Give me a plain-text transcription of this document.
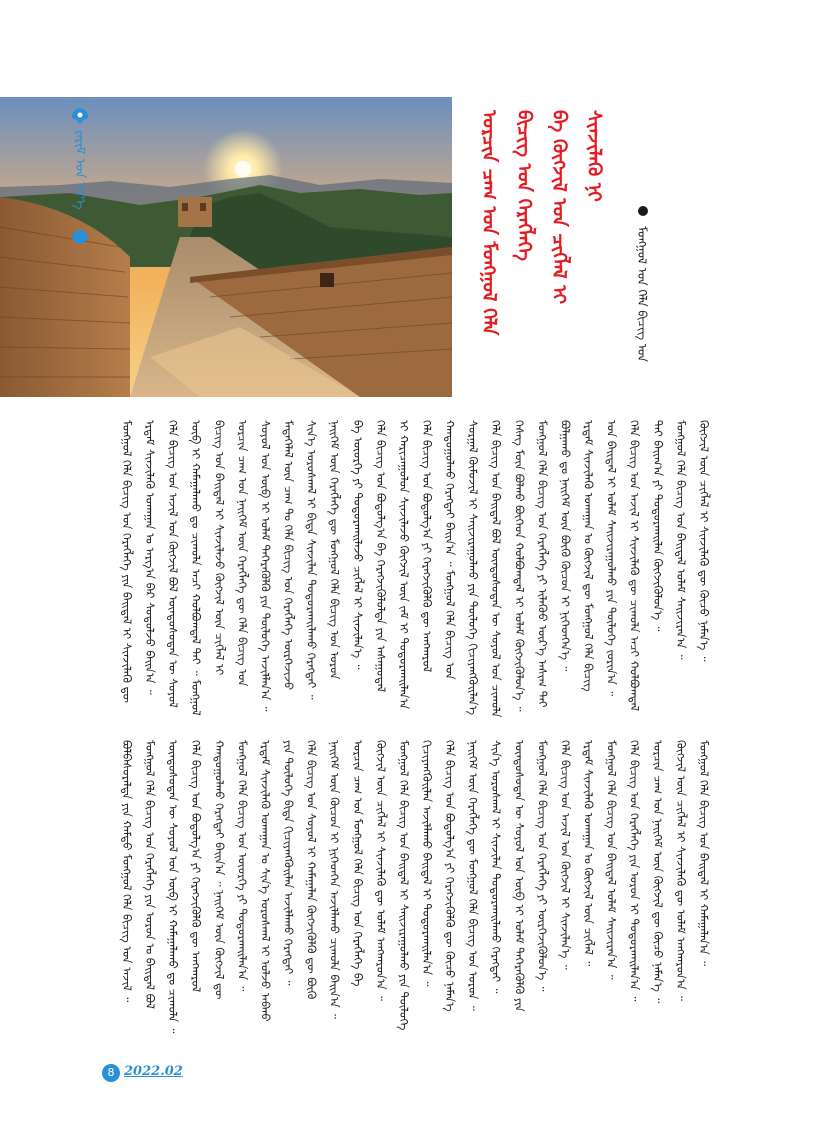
ᠶᠠᠷᠢᠮ ᠤᠨ ᠨᠡᠷ᠎ᠡ	ᠣᠷᠴᠢᠨ ᠴᠠᠭ ᠤᠨ ᠮᠤᠩᠭᠤᠯ ᠬᠡᠯᠡ ᠪᠢᠴᠢᠭ ᠤᠨ ᠬᠡᠷᠡᠭᠯᠡᠭᠡ ᠪᠠ ᠬᠥᠭᠵᠢᠯ ᠤᠨ ᠴᠢᠭᠯᠡᠯ ᠢ ᠰᠢᠨᠵᠢᠯᠡᠬᠦ ᠨᠢ
ᠮᠤᠩᠭᠤᠯ ᠤᠨ ᠬᠡᠯᠡ ᠪᠢᠴᠢᠭ ᠤᠨ
ᠮᠤᠩᠭᠤᠯ ᠬᠡᠯᠡ ᠪᠢᠴᠢᠭ ᠤᠨ ᠬᠡᠷᠡᠭᠯᠡᠭᠡ ᠶᠢᠨ ᠪᠠᠢᠳᠠᠯ ᠢ ᠰᠢᠨᠵᠢᠯᠡᠬᠦ ᠳᠦ ᠡᠷᠳᠡᠮ ᠰᠢᠨᠵᠢᠯᠡᠬᠦ ᠤᠬᠠᠭᠠᠨ ᠤ ᠠᠷᠭ᠎ᠠ ᠪᠠᠷ ᠰᠤᠳᠤᠯᠵᠤ ᠪᠠᠢᠨ᠎ᠠ ᠃ ᠬᠡᠯᠡ ᠪᠢᠴᠢᠭ ᠤᠨ ᠠᠵᠢᠯ ᠤᠨ ᠬᠥᠭᠵᠢᠯ ᠪᠣᠯ ᠦᠨᠳᠦᠰᠦᠲᠡᠨ ᠦ ᠰᠣᠶᠣᠯ ᠥᠪ ᠢ ᠬᠠᠮᠠᠭᠠᠯᠠᠬᠤ ᠳᠤ ᠴᠢᠬᠤᠯᠠ ᠠᠴᠢ ᠬᠣᠯᠪᠣᠭᠳᠠᠯ ᠲᠠᠢ ᠃ ᠮᠤᠩᠭᠤᠯ ᠪᠢᠴᠢᠭ ᠤᠨ ᠪᠠᠢᠳᠠᠯ ᠢ ᠰᠢᠨᠵᠢᠯᠡᠵᠦ ᠬᠥᠭᠵᠢᠯ ᠦᠨ ᠴᠢᠭᠯᠡᠯ ᠢ
ᠣᠷᠴᠢᠨ ᠴᠠᠭ ᠤᠨ ᠨᠡᠢᠭᠡᠮ ᠦᠨ ᠬᠡᠷᠡᠭᠯᠡᠭᠡ ᠳᠦ ᠬᠡᠯᠡ ᠪᠢᠴᠢᠭ ᠤᠨ ᠰᠣᠶᠣᠯ ᠤᠨ ᠥᠪ ᠢ ᠤᠯᠠᠮ ᠳᠡᠭᠡᠷᠡᠭᠦᠯᠬᠦ ᠶᠢᠨ ᠲᠥᠯᠦᠭᠡ ᠠᠵᠢᠯᠯᠠᠨ᠎ᠠ ᠃ ᠮᠡᠳᠡᠭᠡᠯᠡᠯ ᠦᠨ ᠴᠠᠭ ᠲᠤ ᠬᠡᠯᠡ ᠪᠢᠴᠢᠭ ᠤᠨ ᠬᠡᠷᠡᠭᠯᠡᠭᠡ ᠥᠷᠭᠡᠵᠢᠵᠦ ᠰᠢᠨ᠎ᠡ ᠤᠷᠤᠰᠬᠠᠯ ᠢ ᠪᠢᠳᠡ ᠰᠢᠨᠵᠢᠯᠡᠨ ᠲᠣᠳᠣᠷᠬᠠᠢᠯᠠᠬᠤ ᠬᠡᠷᠡᠭᠲᠡᠢ ᠃ ᠨᠡᠢᠭᠡᠮ ᠦᠨ ᠬᠡᠷᠡᠭᠯᠡᠭᠡ ᠳᠦ ᠮᠤᠩᠭᠤᠯ ᠬᠡᠯᠡ ᠪᠢᠴᠢᠭ ᠤᠨ ᠣᠷᠣᠨ ᠪᠠ ᠦᠦᠷᠭᠡ ᠶᠢ ᠲᠣᠳᠣᠷᠬᠠᠢᠯᠠᠵᠤ ᠴᠢᠭᠯᠡᠯ ᠢ ᠰᠢᠨᠵᠢᠯᠡᠨ᠎ᠡ ᠃ ᠬᠡᠯᠡ ᠪᠢᠴᠢᠭ ᠤᠨ ᠪᠣᠳᠣᠯᠭ᠎ᠠ ᠪᠠ ᠬᠡᠷᠡᠭᠵᠢᠭᠦᠯᠦᠯᠲᠡ ᠶᠢᠨ ᠠᠰᠠᠭᠤᠳᠠᠯ ᠢ ᠬᠠᠷᠢᠴᠠᠭᠤᠯᠤᠨ ᠰᠢᠨᠵᠢᠯᠡᠵᠦ ᠬᠥᠭᠵᠢᠯ ᠦᠨ ᠵᠠᠮ ᠢ ᠲᠣᠳᠣᠷᠬᠠᠢᠯᠠᠨ᠎ᠠ ᠬᠡᠯᠡ ᠪᠢᠴᠢᠭ ᠤᠨ ᠪᠣᠳᠣᠯᠭ᠎ᠠ ᠶᠢ ᠬᠡᠷᠡᠭᠵᠢᠭᠦᠯᠬᠦ ᠳᠦ ᠠᠨᠭᠬᠠᠷᠤᠯ ᠬᠠᠨᠳᠤᠭᠤᠯᠬᠤ ᠬᠡᠷᠡᠭᠲᠡᠢ ᠪᠠᠢᠨ᠎ᠠ ᠃ ᠮᠤᠩᠭᠤᠯ ᠬᠡᠯᠡ ᠪᠢᠴᠢᠭ ᠤᠨ ᠰᠤᠷᠭᠠᠯ ᠬᠦᠮᠦᠵᠢᠯ ᠢ ᠰᠠᠢᠵᠢᠷᠠᠭᠤᠯᠬᠤ ᠶᠢᠨ ᠲᠥᠯᠦᠭᠡ ᠬᠢᠴᠢᠶᠡᠩᠭᠦᠢᠯᠡᠨ᠎ᠡ ᠬᠡᠯᠡ ᠪᠢᠴᠢᠭ ᠤᠨ ᠪᠠᠢᠳᠠᠯ ᠪᠣᠯ ᠦᠨᠳᠦᠰᠦᠲᠡᠨ ᠦ ᠰᠣᠶᠣᠯ ᠤᠨ ᠴᠢᠬᠤᠯᠠ ᠬᠡᠰᠡᠭ ᠮᠥᠨ ᠪᠣᠯᠬᠤ ᠪᠥᠭᠡᠳ ᠬᠣᠯᠪᠣᠭᠳᠠᠯ ᠢ ᠤᠯᠠᠮ ᠬᠥᠭᠵᠢᠭᠦᠯᠦᠨ᠎ᠡ ᠃ ᠮᠤᠩᠭᠤᠯ ᠬᠡᠯᠡ ᠪᠢᠴᠢᠭ ᠤᠨ ᠬᠡᠷᠡᠭᠯᠡᠭᠡ ᠶᠢ ᠢᠯᠡᠭᠦᠦ ᠦᠷ᠎ᠡ ᠠᠰᠢᠭ ᠲᠠᠢ ᠪᠣᠯᠭᠠᠬᠤ ᠳᠤ ᠨᠡᠢᠭᠡᠮ ᠦᠨ ᠪᠦᠬᠦ ᠬᠦᠴᠦᠨ ᠢ ᠨᠢᠭᠡᠳᠬᠡᠨ᠎ᠡ ᠃ ᠡᠷᠳᠡᠮ ᠰᠢᠨᠵᠢᠯᠡᠬᠦ ᠤᠬᠠᠭᠠᠨ ᠤ ᠬᠥᠭᠵᠢᠯ ᠳᠦ ᠮᠤᠩᠭᠤᠯ ᠬᠡᠯᠡ ᠪᠢᠴᠢᠭ ᠤᠨ ᠪᠠᠢᠳᠠᠯ ᠢ ᠤᠯᠠᠮ ᠰᠠᠢᠵᠢᠷᠠᠭᠤᠯᠬᠤ ᠶᠢᠨ ᠲᠥᠯᠦᠭᠡ ᠵᠣᠷᠢᠨ᠎ᠠ ᠃ ᠬᠡᠯᠡ ᠪᠢᠴᠢᠭ ᠤᠨ ᠠᠵᠢᠯ ᠢ ᠰᠢᠨᠵᠢᠯᠡᠬᠦ ᠳᠦ ᠴᠢᠬᠤᠯᠠ ᠠᠴᠢ ᠬᠣᠯᠪᠣᠭᠳᠠᠯ ᠲᠠᠢ ᠪᠠᠢᠭ᠎ᠠ ᠶᠢ ᠲᠣᠳᠣᠷᠬᠠᠢᠯᠠᠨ ᠬᠥᠭᠵᠢᠭᠦᠯᠦᠨ᠎ᠡ ᠃ ᠮᠤᠩᠭᠤᠯ ᠬᠡᠯᠡ ᠪᠢᠴᠢᠭ ᠤᠨ ᠪᠠᠢᠳᠠᠯ ᠤᠯᠠᠮ ᠰᠠᠢᠵᠢᠷᠠᠨ᠎ᠠ ᠃ ᠬᠥᠭᠵᠢᠯ ᠦᠨ ᠴᠢᠭᠯᠡᠯ ᠢ ᠰᠢᠨᠵᠢᠯᠡᠬᠦ ᠳᠦ ᠬᠦᠴᠦ ᠨᠡᠮᠡᠨ᠎ᠡ ᠃
ᠪᠣᠯᠪᠠᠰᠤᠷᠠᠯᠲᠠ ᠶᠢᠨ ᠬᠠᠮᠲᠤ ᠮᠤᠩᠭᠤᠯ ᠬᠡᠯᠡ ᠪᠢᠴᠢᠭ ᠤᠨ ᠠᠵᠢᠯ ᠃ ᠮᠤᠩᠭᠤᠯ ᠬᠡᠯᠡ ᠪᠢᠴᠢᠭ ᠤᠨ ᠬᠡᠷᠡᠭᠯᠡᠭᠡ ᠶᠢᠨ ᠣᠷᠣᠨ ᠤ ᠪᠠᠢᠳᠠᠯ ᠪᠣᠯ ᠦᠨᠳᠦᠰᠦᠲᠡᠨ ᠦ ᠰᠣᠶᠣᠯ ᠤᠨ ᠥᠪ ᠢ ᠬᠠᠮᠠᠭᠠᠯᠠᠬᠤ ᠳᠤ ᠴᠢᠬᠤᠯᠠ ᠃ ᠬᠡᠯᠡ ᠪᠢᠴᠢᠭ ᠤᠨ ᠪᠣᠳᠣᠯᠭ᠎ᠠ ᠶᠢ ᠬᠡᠷᠡᠭᠵᠢᠭᠦᠯᠬᠦ ᠳᠦ ᠠᠨᠭᠬᠠᠷᠤᠯ ᠬᠠᠨᠳᠤᠭᠤᠯᠬᠤ ᠬᠡᠷᠡᠭᠲᠡᠢ ᠪᠠᠢᠨ᠎ᠠ ᠃ ᠨᠡᠢᠭᠡᠮ ᠦᠨ ᠬᠦᠭᠵᠢᠯ ᠳᠦ ᠮᠤᠩᠭᠤᠯ ᠬᠡᠯᠡ ᠪᠢᠴᠢᠭ ᠤᠨ ᠦᠦᠷᠭᠡ ᠶᠢ ᠲᠣᠳᠣᠷᠬᠠᠢᠯᠠᠨ᠎ᠠ ᠃ ᠡᠷᠳᠡᠮ ᠰᠢᠨᠵᠢᠯᠡᠬᠦ ᠤᠬᠠᠭᠠᠨ ᠤ ᠰᠢᠨ᠎ᠡ ᠤᠷᠤᠰᠬᠠᠯ ᠢ ᠣᠯᠵᠤ ᠠᠪᠬᠤ ᠶᠢᠨ ᠲᠥᠯᠦᠭᠡ ᠪᠢᠳᠡ ᠬᠢᠴᠢᠶᠡᠩᠭᠦᠢᠯᠡᠨ ᠠᠵᠢᠯᠯᠠᠬᠤ ᠬᠡᠷᠡᠭᠲᠡᠢ ᠃ ᠬᠡᠯᠡ ᠪᠢᠴᠢᠭ ᠤᠨ ᠰᠣᠶᠣᠯ ᠢ ᠬᠠᠮᠠᠭᠠᠯᠠᠨ ᠬᠥᠭᠵᠢᠭᠦᠯᠬᠦ ᠳᠦ ᠪᠦᠬᠦ ᠨᠡᠢᠭᠡᠮ ᠦᠨ ᠬᠦᠴᠦᠨ ᠢ ᠨᠢᠭᠡᠳᠬᠡᠨ ᠠᠵᠢᠯᠯᠠᠬᠤ ᠴᠢᠬᠤᠯᠠ ᠪᠠᠢᠨ᠎ᠠ ᠃ ᠣᠷᠴᠢᠨ ᠴᠠᠭ ᠤᠨ ᠮᠤᠩᠭᠤᠯ ᠬᠡᠯᠡ ᠪᠢᠴᠢᠭ ᠤᠨ ᠬᠡᠷᠡᠭᠯᠡᠭᠡ ᠪᠠ ᠬᠥᠭᠵᠢᠯ ᠦᠨ ᠴᠢᠭᠯᠡᠯ ᠢ ᠰᠢᠨᠵᠢᠯᠡᠬᠦ ᠳᠦ ᠤᠯᠠᠮ ᠠᠨᠭᠬᠠᠷᠤᠨ᠎ᠠ ᠃ ᠮᠤᠩᠭᠤᠯ ᠬᠡᠯᠡ ᠪᠢᠴᠢᠭ ᠤᠨ ᠪᠠᠢᠳᠠᠯ ᠢ ᠰᠠᠢᠵᠢᠷᠠᠭᠤᠯᠬᠤ ᠶᠢᠨ ᠲᠥᠯᠦᠭᠡ ᠬᠢᠴᠢᠶᠡᠩᠭᠦᠢᠯᠡᠨ ᠠᠵᠢᠯᠯᠠᠬᠤ ᠪᠠᠢᠳᠠᠯ ᠢ ᠲᠣᠳᠣᠷᠬᠠᠢᠯᠠᠨ᠎ᠠ ᠃ ᠬᠡᠯᠡ ᠪᠢᠴᠢᠭ ᠤᠨ ᠪᠣᠳᠣᠯᠭ᠎ᠠ ᠶᠢ ᠬᠡᠷᠡᠭᠵᠢᠭᠦᠯᠬᠦ ᠳᠦ ᠬᠦᠴᠦ ᠨᠡᠮᠡᠨ᠎ᠡ ᠨᠡᠢᠭᠡᠮ ᠦᠨ ᠬᠡᠷᠡᠭᠯᠡᠭᠡ ᠳᠦ ᠮᠤᠩᠭᠤᠯ ᠬᠡᠯᠡ ᠪᠢᠴᠢᠭ ᠤᠨ ᠣᠷᠣᠨ ᠃ ᠰᠢᠨ᠎ᠡ ᠤᠷᠤᠰᠬᠠᠯ ᠢ ᠰᠢᠨᠵᠢᠯᠡᠨ ᠲᠣᠳᠣᠷᠬᠠᠢᠯᠠᠬᠤ ᠬᠡᠷᠡᠭᠲᠡᠢ ᠃ ᠦᠨᠳᠦᠰᠦᠲᠡᠨ ᠦ ᠰᠣᠶᠣᠯ ᠤᠨ ᠥᠪ ᠢ ᠤᠯᠠᠮ ᠳᠡᠭᠡᠷᠡᠭᠦᠯᠬᠦ ᠶᠢᠨ
ᠮᠤᠩᠭᠤᠯ ᠬᠡᠯᠡ ᠪᠢᠴᠢᠭ ᠤᠨ ᠬᠡᠷᠡᠭᠯᠡᠭᠡ ᠶᠢ ᠥᠷᠭᠡᠵᠢᠭᠦᠯᠦᠨ᠎ᠡ ᠃ ᠬᠡᠯᠡ ᠪᠢᠴᠢᠭ ᠤᠨ ᠠᠵᠢᠯ ᠤᠨ ᠬᠥᠭᠵᠢᠯ ᠢ ᠰᠢᠨᠵᠢᠯᠡᠨ᠎ᠡ ᠃ ᠡᠷᠳᠡᠮ ᠰᠢᠨᠵᠢᠯᠡᠬᠦ ᠤᠬᠠᠭᠠᠨ ᠤ ᠬᠥᠭᠵᠢᠯ ᠦᠨ ᠴᠢᠭᠯᠡᠯ ᠃ ᠮᠤᠩᠭᠤᠯ ᠬᠡᠯᠡ ᠪᠢᠴᠢᠭ ᠤᠨ ᠪᠠᠢᠳᠠᠯ ᠤᠯᠠᠮ ᠰᠠᠢᠵᠢᠷᠠᠨ᠎ᠠ ᠃ ᠬᠡᠯᠡ ᠪᠢᠴᠢᠭ ᠤᠨ ᠬᠡᠷᠡᠭᠯᠡᠭᠡ ᠶᠢᠨ ᠣᠷᠣᠨ ᠢ ᠲᠣᠳᠣᠷᠬᠠᠢᠯᠠᠨ᠎ᠠ ᠃ ᠣᠷᠴᠢᠨ ᠴᠠᠭ ᠤᠨ ᠨᠡᠢᠭᠡᠮ ᠦᠨ ᠬᠥᠭᠵᠢᠯ ᠳᠦ ᠬᠦᠴᠦ ᠨᠡᠮᠡᠨ᠎ᠡ ᠃ ᠬᠥᠭᠵᠢᠯ ᠦᠨ ᠴᠢᠭᠯᠡᠯ ᠢ ᠰᠢᠨᠵᠢᠯᠡᠬᠦ ᠳᠦ ᠤᠯᠠᠮ ᠠᠨᠭᠬᠠᠷᠤᠨ᠎ᠠ ᠃ ᠮᠤᠩᠭᠤᠯ ᠬᠡᠯᠡ ᠪᠢᠴᠢᠭ ᠤᠨ ᠪᠠᠢᠳᠠᠯ ᠢ ᠬᠠᠮᠠᠭᠠᠯᠠᠨ᠎ᠠ ᠃
8 2022.02
